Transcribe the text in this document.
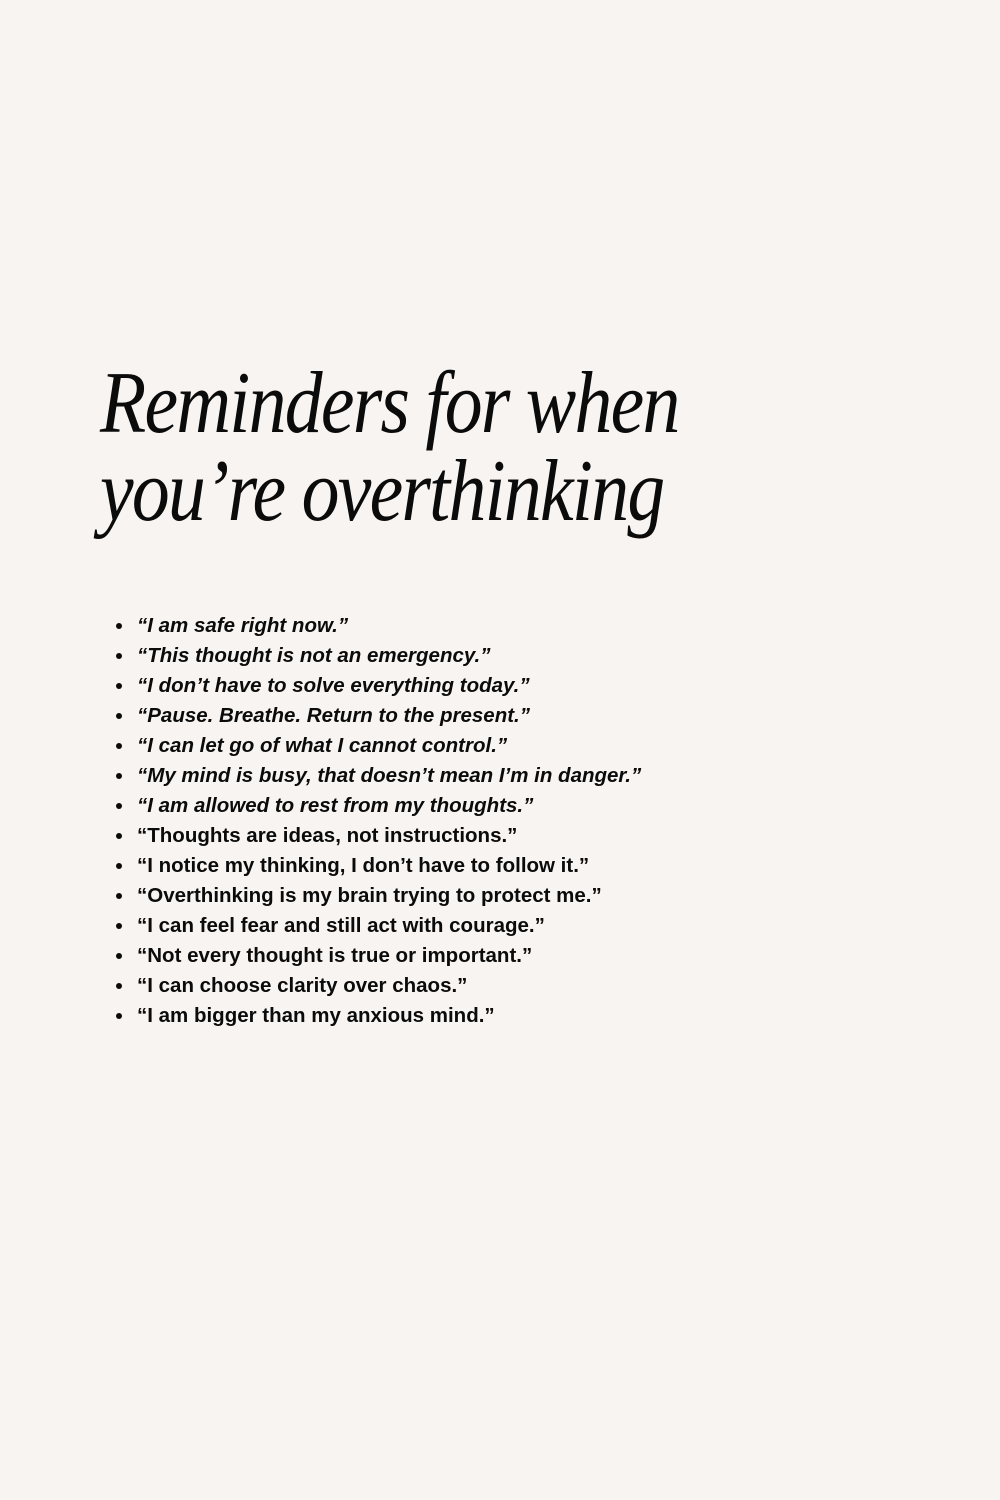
Reminders for when
you’re overthinking
“I am safe right now.”
“This thought is not an emergency.”
“I don’t have to solve everything today.”
“Pause. Breathe. Return to the present.”
“I can let go of what I cannot control.”
“My mind is busy, that doesn’t mean I’m in danger.”
“I am allowed to rest from my thoughts.”
“Thoughts are ideas, not instructions.”
“I notice my thinking, I don’t have to follow it.”
“Overthinking is my brain trying to protect me.”
“I can feel fear and still act with courage.”
“Not every thought is true or important.”
“I can choose clarity over chaos.”
“I am bigger than my anxious mind.”
